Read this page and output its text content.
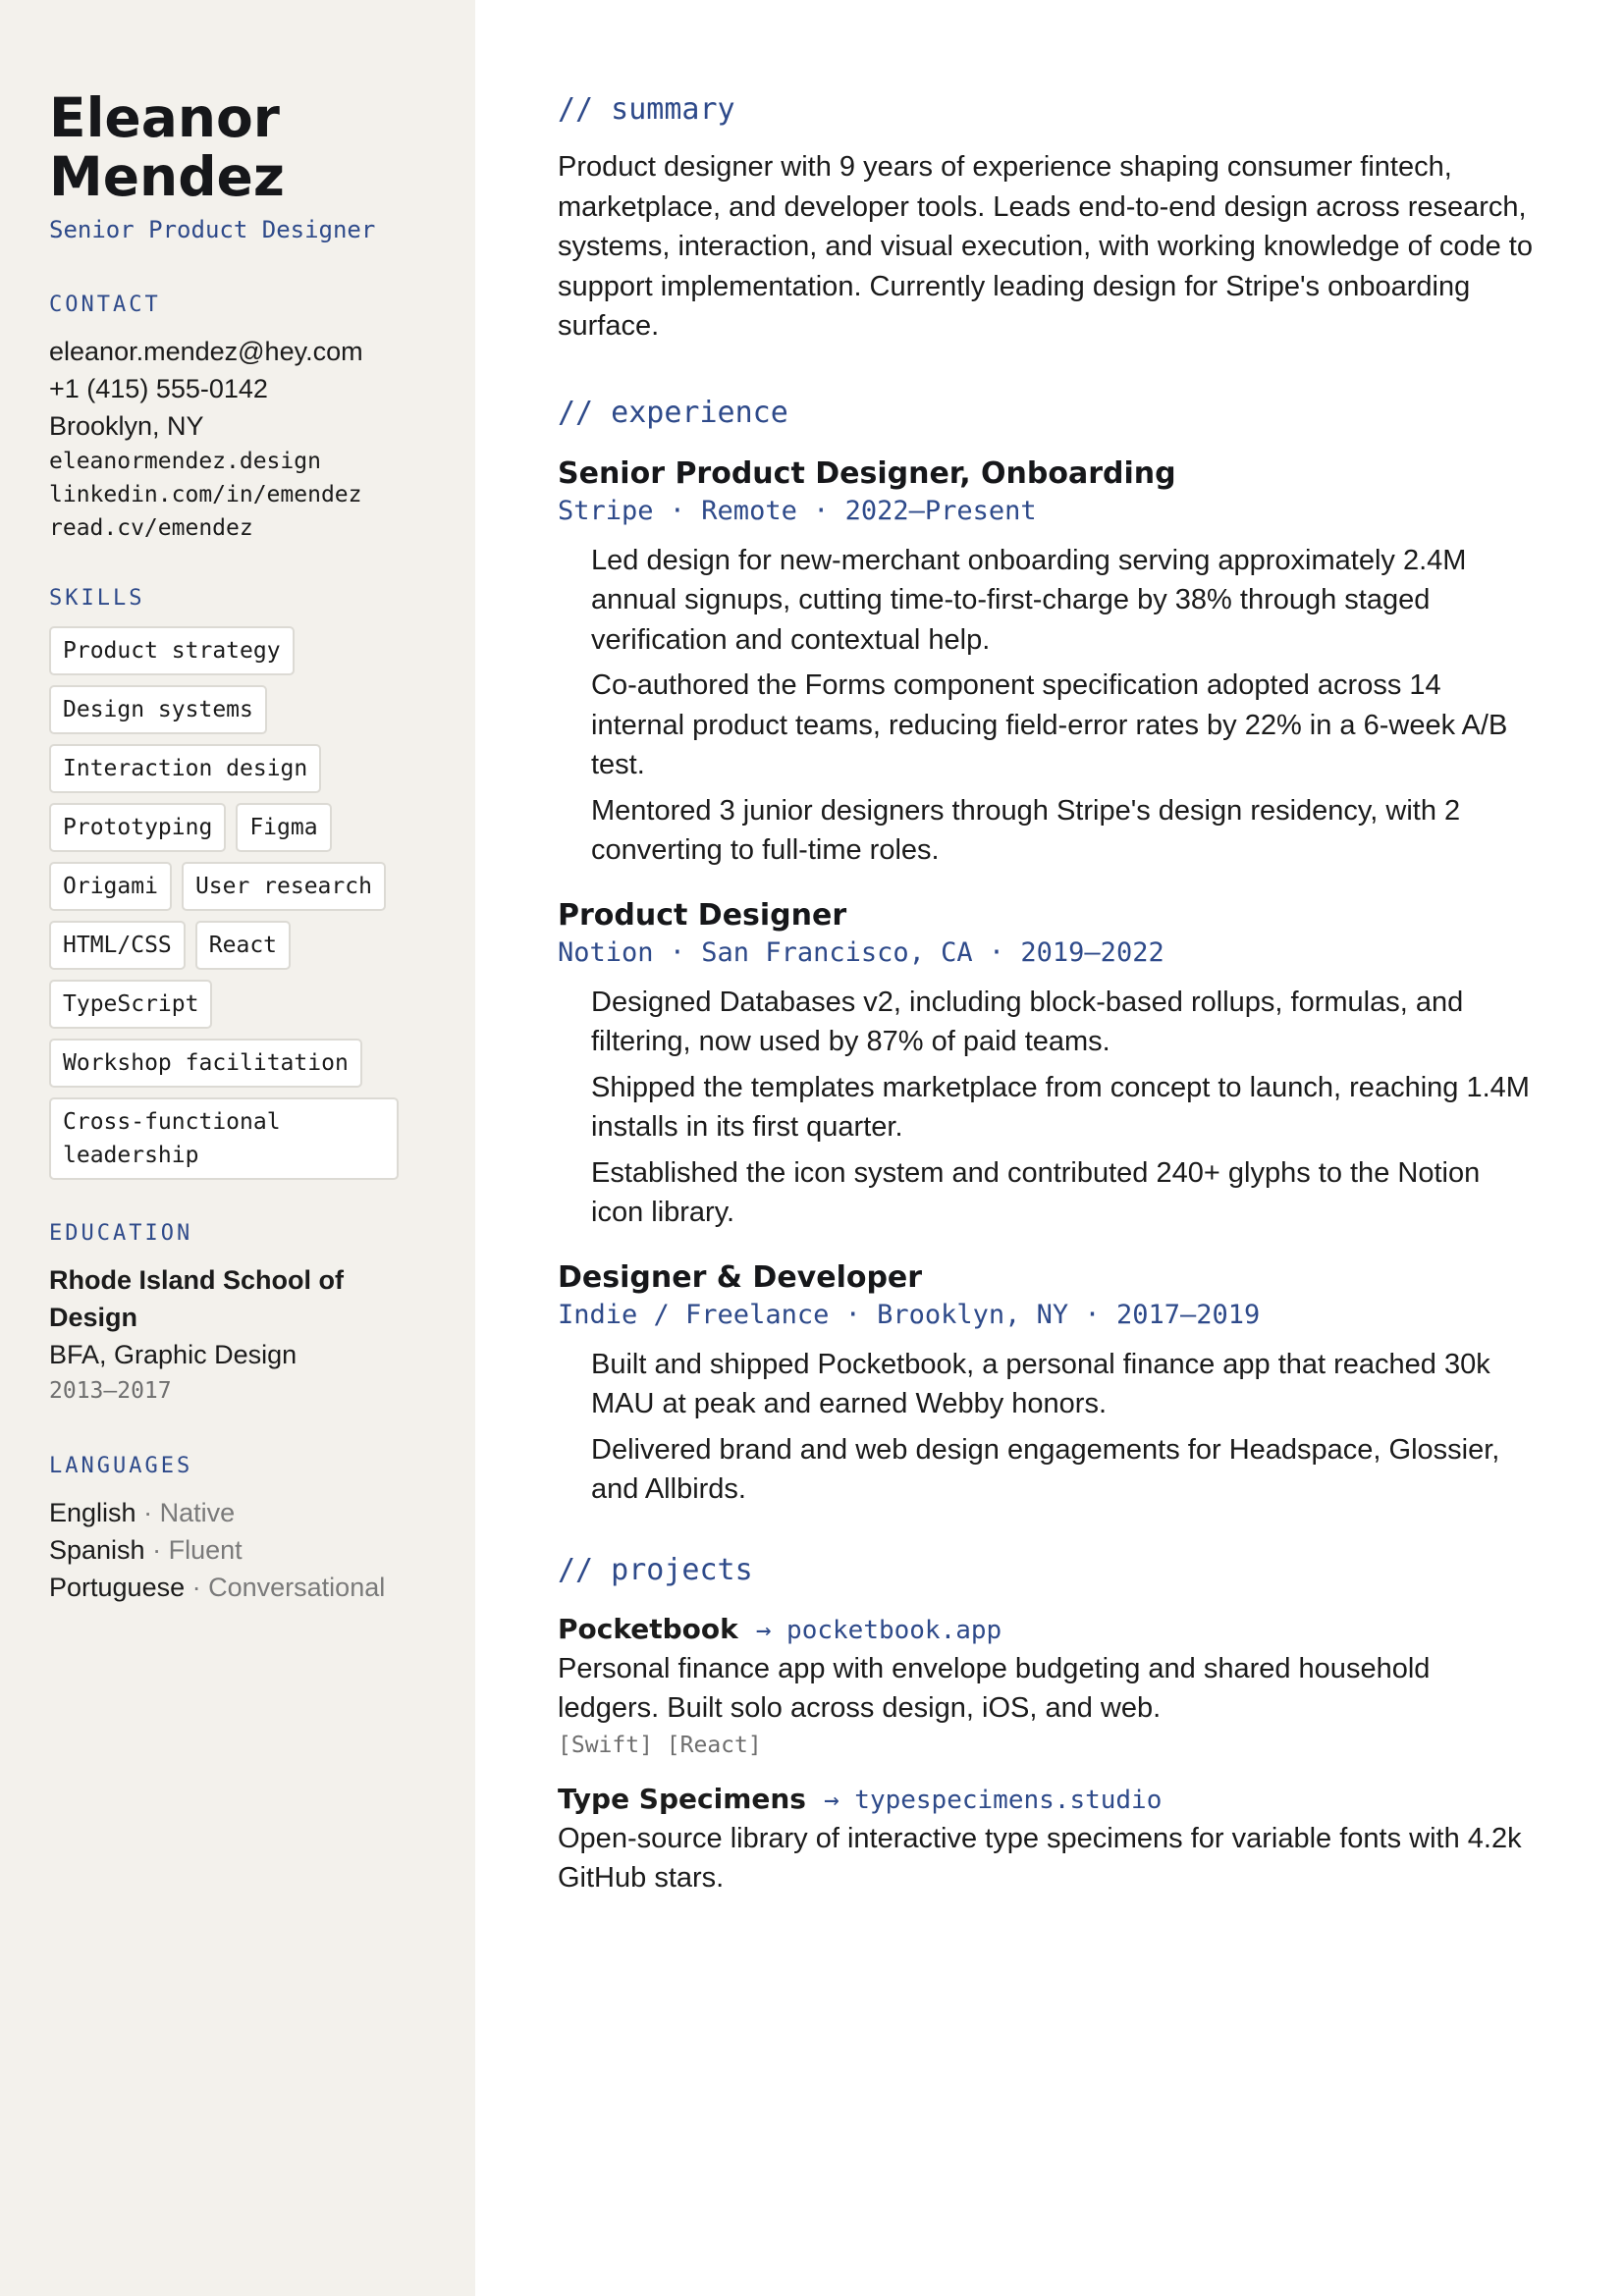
Eleanor
Mendez
Senior Product Designer
CONTACT
eleanor.mendez@hey.com
+1 (415) 555-0142
Brooklyn, NY
eleanormendez.design
linkedin.com/in/emendez
read.cv/emendez
SKILLS
Product strategy
Design systems
Interaction design
Prototyping	Figma
Origami	User research
HTML/CSS	React
TypeScript
Workshop facilitation
Cross-functional leadership
EDUCATION
Rhode Island School of Design
BFA, Graphic Design
2013–2017
LANGUAGES
English · Native
Spanish · Fluent
Portuguese · Conversational
// summary

Product designer with 9 years of experience shaping consumer fintech, marketplace, and developer tools. Leads end-to-end design across research, systems, interaction, and visual execution, with working knowledge of code to support implementation. Currently leading design for Stripe's onboarding surface.

// experience
Senior Product Designer, Onboarding
Stripe · Remote · 2022–Present
Led design for new-merchant onboarding serving approximately 2.4M annual signups, cutting time-to-first-charge by 38% through staged verification and contextual help.
Co-authored the Forms component specification adopted across 14 internal product teams, reducing field-error rates by 22% in a 6-week A/B test.
Mentored 3 junior designers through Stripe's design residency, with 2 converting to full-time roles.
Product Designer
Notion · San Francisco, CA · 2019–2022
Designed Databases v2, including block-based rollups, formulas, and filtering, now used by 87% of paid teams.
Shipped the templates marketplace from concept to launch, reaching 1.4M installs in its first quarter.
Established the icon system and contributed 240+ glyphs to the Notion icon library.
Designer & Developer
Indie / Freelance · Brooklyn, NY · 2017–2019
Built and shipped Pocketbook, a personal finance app that reached 30k MAU at peak and earned Webby honors.
Delivered brand and web design engagements for Headspace, Glossier, and Allbirds.
// projects
Pocketbook → pocketbook.app
Personal finance app with envelope budgeting and shared household ledgers. Built solo across design, iOS, and web.
[Swift] [React]
Type Specimens → typespecimens.studio
Open-source library of interactive type specimens for variable fonts with 4.2k GitHub stars.
